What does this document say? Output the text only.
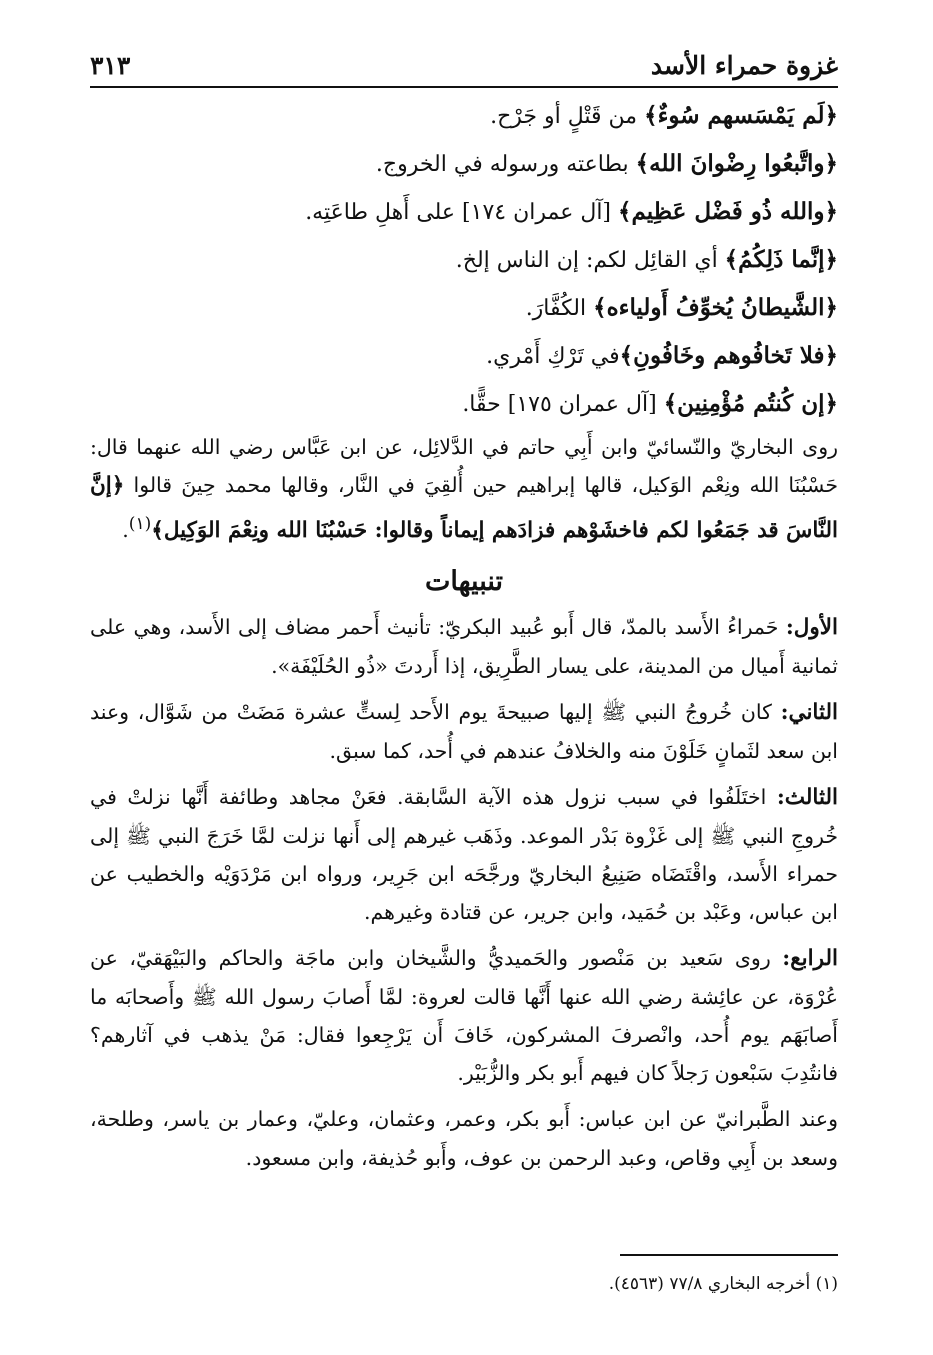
غزوة حمراء الأسد
٣١٣
﴿لَم يَمْسَسهم سُوءٌ﴾ من قَتْلٍ أو جَرْح.
﴿واتَّبعُوا رِضْوانَ الله﴾ بطاعته ورسوله في الخروج.
﴿والله ذُو فَضْل عَظِيم﴾ [آل عمران ١٧٤] على أَهلِ طاعَتِه.
﴿إنَّما ذَلِكُمُ﴾ أي القائِل لكم: إن الناس إلخ.
﴿الشَّيطانُ يُخوِّفُ أَولياءه﴾ الكُفَّارَ.
﴿فلا تَخافُوهم وخَافُونِ﴾في تَرْكِ أَمْري.
﴿إن كُنتُم مُؤْمِنِين﴾ [آل عمران ١٧٥] حقًّا.

روى البخاريّ والنّسائيّ وابن أَبِي حاتم في الدَّلائِل، عن ابن عَبَّاس رضي الله عنهما قال: حَسْبُنَا الله ونِعْم الوَكيل، قالها إبراهيم حين أُلقِيَ في النَّار، وقالها محمد حِينَ قالوا ﴿إنَّ النَّاسَ قد جَمَعُوا لكم فاخشَوْهم فزادَهم إيماناً وقالوا: حَسْبُنَا الله ونِعْمَ الوَكِيل﴾$^{(١)}$.

تنبيهات

الأول: حَمراءُ الأَسد بالمدّ، قال أَبو عُبيد البكريّ: تأنيث أَحمر مضاف إلى الأَسد، وهي على ثمانية أَميال من المدينة، على يسار الطَّرِيق، إذا أَردتَ «ذُو الحُلَيْفَة».

الثاني: كان خُروجُ النبي ﷺ إليها صبيحةَ يوم الأَحد لِستٍّ عشرة مَضَتْ من شَوَّال، وعند ابن سعد لثَمانٍ خَلَوْنَ منه والخلافُ عندهم في أُحد، كما سبق.

الثالث: اختَلَفُوا في سبب نزول هذه الآية السَّابقة. فعَنْ مجاهد وطائفة أَنَّها نزلتْ في خُروجِ النبي ﷺ إلى غَزْوة بَدْر الموعد. وذَهَب غيرهم إلى أَنها نزلت لمَّا خَرَجَ النبي ﷺ إلى حمراء الأَسد، واقْتَضَاه صَنِيعُ البخاريّ ورجَّحَه ابن جَرِير، ورواه ابن مَرْدَوَيْه والخطيب عن ابن عباس، وعَبْد بن حُمَيد، وابن جرير، عن قتادة وغيرهم.

الرابع: روى سَعيد بن مَنْصور والحَميديُّ والشَّيخان وابن ماجَة والحاكم والبَيْهَقيّ، عن عُرْوَة، عن عائِشة رضي الله عنها أَنَّها قالت لعروة: لمَّا أَصابَ رسول الله ﷺ وأَصحابَه ما أَصابَهَم يوم أُحد، وانْصرفَ المشركون، خَافَ أَن يَرْجِعوا فقال: مَنْ يذهب في آثارهم؟ فانتُدِبَ سَبْعون رَجلاً كان فيهم أَبو بكر والزُّبَيْر.

وعند الطَّبرانيّ عن ابن عباس: أَبو بكر، وعمر، وعثمان، وعليّ، وعمار بن ياسر، وطلحة، وسعد بن أَبِي وقاص، وعبد الرحمن بن عوف، وأَبو حُذيفة، وابن مسعود.

(١) أخرجه البخاري ٧٧/٨ (٤٥٦٣).
